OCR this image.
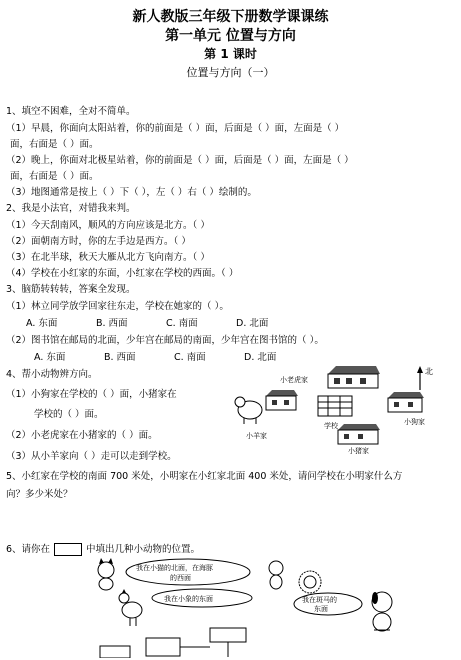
新人教版三年级下册数学课课练
第一单元 位置与方向
第 1 课时
位置与方向（一）
1、填空不困难，全对不简单。
（1）早晨，你面向太阳站着，你的前面是（ ）面，后面是（ ）面，左面是（ ）
面，右面是（ ）面。
（2）晚上，你面对北极星站着，你的前面是（ ）面，后面是（ ）面，左面是（ ）
面，右面是（ ）面。
（3）地图通常是按上（ ）下（ ），左（ ）右（ ）绘制的。
2、我是小法官，对错我来判。
（1）今天刮南风，顺风的方向应该是北方。（ ）
（2）面朝南方时，你的左手边是西方。（ ）
（3）在北半球，秋天大雁从北方飞向南方。（ ）
（4）学校在小红家的东面，小红家在学校的西面。（ ）
3、脑筋转转转，答案全发现。
（1）林立同学放学回家往东走，学校在她家的（ ）。
A. 东面	B. 西面	C. 南面	D. 北面
（2）图书馆在邮局的北面，少年宫在邮局的南面，少年宫在图书馆的（ ）。
A. 东面	B. 西面	C. 南面	D. 北面
4、帮小动物辨方向。
（1）小狗家在学校的（ ）面，小猪家在
学校的（ ）面。
（2）小老虎家在小猪家的（ ）面。
（3）从小羊家向（ ）走可以走到学校。
北
小老虎家
小羊家
学校	小狗家
小猪家
5、小红家在学校的南面 700 米处，小明家在小红家北面 400 米处，请问学校在小明家什么方
向？多少米处？
6、请你在	中填出几种小动物的位置。
我在小猫的北面，在海豚
的西面
我在小象的东面	我在斑马的
东面
